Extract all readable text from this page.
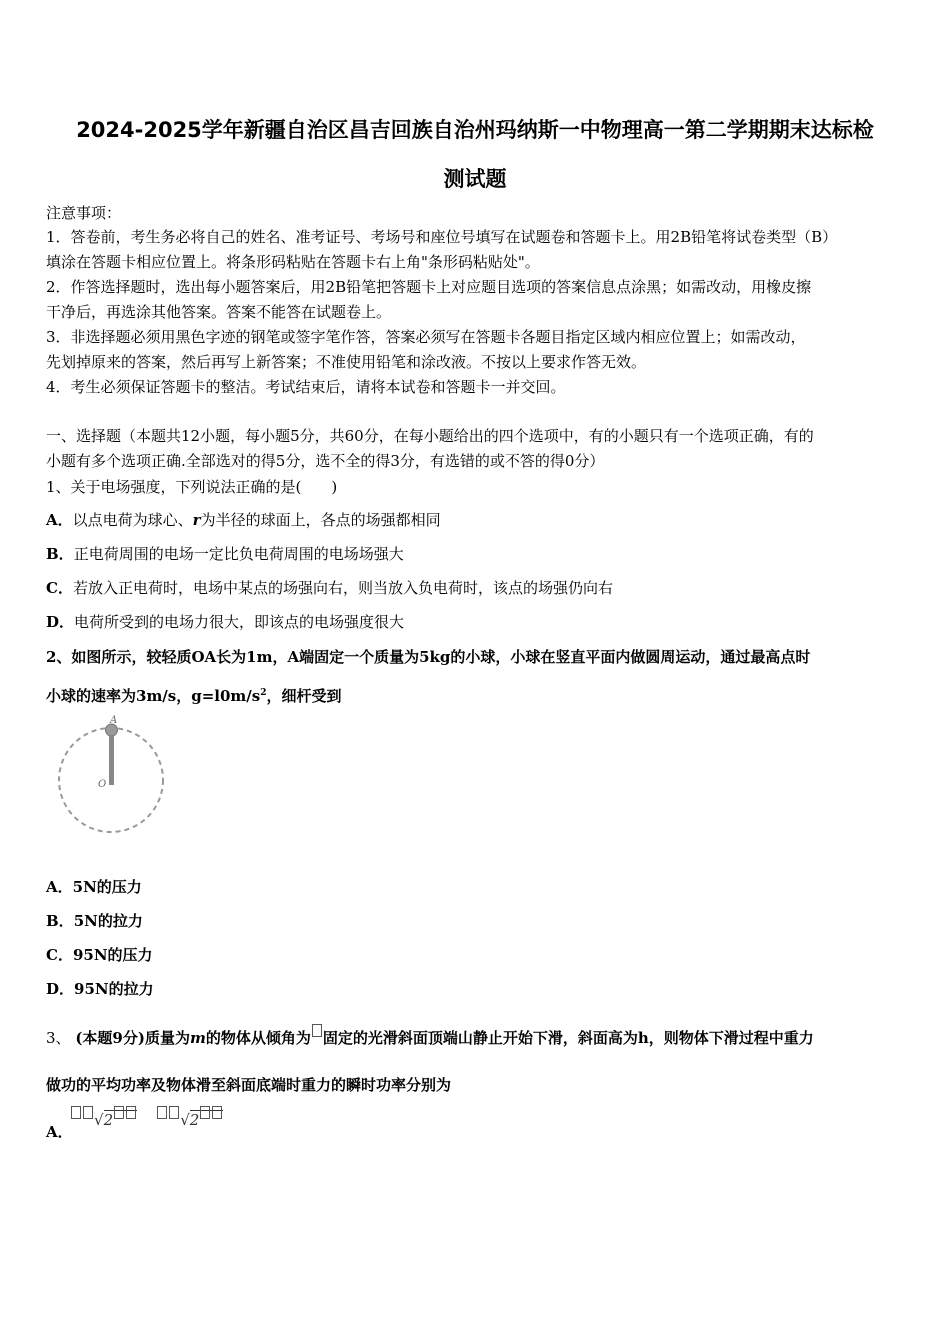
2024-2025学年新疆自治区昌吉回族自治州玛纳斯一中物理高一第二学期期末达标检
测试题
注意事项：
1．答卷前，考生务必将自己的姓名、准考证号、考场号和座位号填写在试题卷和答题卡上。用2B铅笔将试卷类型（B）
填涂在答题卡相应位置上。将条形码粘贴在答题卡右上角"条形码粘贴处"。
2．作答选择题时，选出每小题答案后，用2B铅笔把答题卡上对应题目选项的答案信息点涂黑；如需改动，用橡皮擦
干净后，再选涂其他答案。答案不能答在试题卷上。
3．非选择题必须用黑色字迹的钢笔或签字笔作答，答案必须写在答题卡各题目指定区域内相应位置上；如需改动，
先划掉原来的答案，然后再写上新答案；不准使用铅笔和涂改液。不按以上要求作答无效。
4．考生必须保证答题卡的整洁。考试结束后，请将本试卷和答题卡一并交回。
一、选择题（本题共12小题，每小题5分，共60分，在每小题给出的四个选项中，有的小题只有一个选项正确，有的
小题有多个选项正确.全部选对的得5分，选不全的得3分，有选错的或不答的得0分）
1、关于电场强度，下列说法正确的是(　　)
A．以点电荷为球心、r为半径的球面上，各点的场强都相同
B．正电荷周围的电场一定比负电荷周围的电场场强大
C．若放入正电荷时，电场中某点的场强向右，则当放入负电荷时，该点的场强仍向右
D．电荷所受到的电场力很大，即该点的电场强度很大
2、如图所示，较轻质OA长为1m，A端固定一个质量为5kg的小球，小球在竖直平面内做圆周运动，通过最高点时
小球的速率为3m/s，$g=l0m/s^2$，细杆受到
A
O
A．5N的压力
B．5N的拉力
C．95N的压力
D．95N的拉力
3、 (本题9分)质量为m的物体从倾角为 固定的光滑斜面顶端山静止开始下滑，斜面高为h，则物体下滑过程中重力
做功的平均功率及物体滑至斜面底端时重力的瞬时功率分别为
A．
√2	√2
